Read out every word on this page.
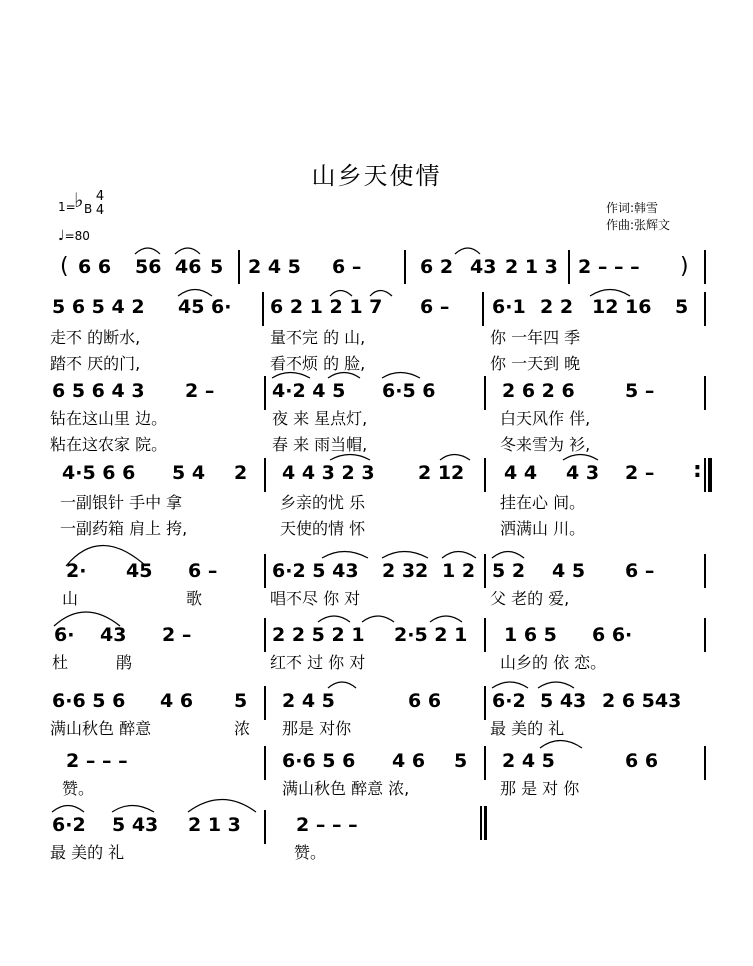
山乡天使情
1=
♭ B
4
4
♩=80
作词:韩雪
作曲:张辉文
( 6 6 56 46 5 2 4 5 6 –	6 2 43 2 1 3 2 – – – )
5 6 5 4 2 45 6· 6 2 1 2 1 7 6 – 6·1 2 2 12 16 5
走不 的断水,	量不完 的 山,	你 一年四 季
踏不 厌的门,	看不烦 的 脸,	你 一天到 晚
6 5 6 4 3 2 –	4·2 4 5 6·5 6	2 6 2 6	5 –
钻在这山里 边。	夜 来 星点灯,	白天风作 伴,
粘在这农家 院。	春 来 雨当帽,	冬来雪为 衫,
4·5 6 6 5 4 2 4 4 3 2 3 2 12 4 4 4 3 2 – :
一副银针 手中 拿	乡亲的忧 乐	挂在心 间。
一副药箱 肩上 挎,	天使的情 怀	洒满山 川。
2· 45 6 –	6·2 5 43 2 32 1 2 5 2 4 5 6 –
山	歌	唱不尽 你 对	父 老的 爱,
6· 43 2 –	2 2 5 2 1 2·5 2 1 1 6 5 6 6·
杜	鹃	红不 过 你 对	山乡的 依 恋。
6·6 5 6 4 6 5 2 4 5	6 6	6·2 5 43 2 6 543
满山秋色 醉意	浓 那是 对你	最 美的 礼
2 – – –	6·6 5 6 4 6 5 2 4 5	6 6
赞。	满山秋色 醉意 浓,	那 是 对 你
6·2 5 43 2 1 3	2 – – –
最 美的 礼	赞。
